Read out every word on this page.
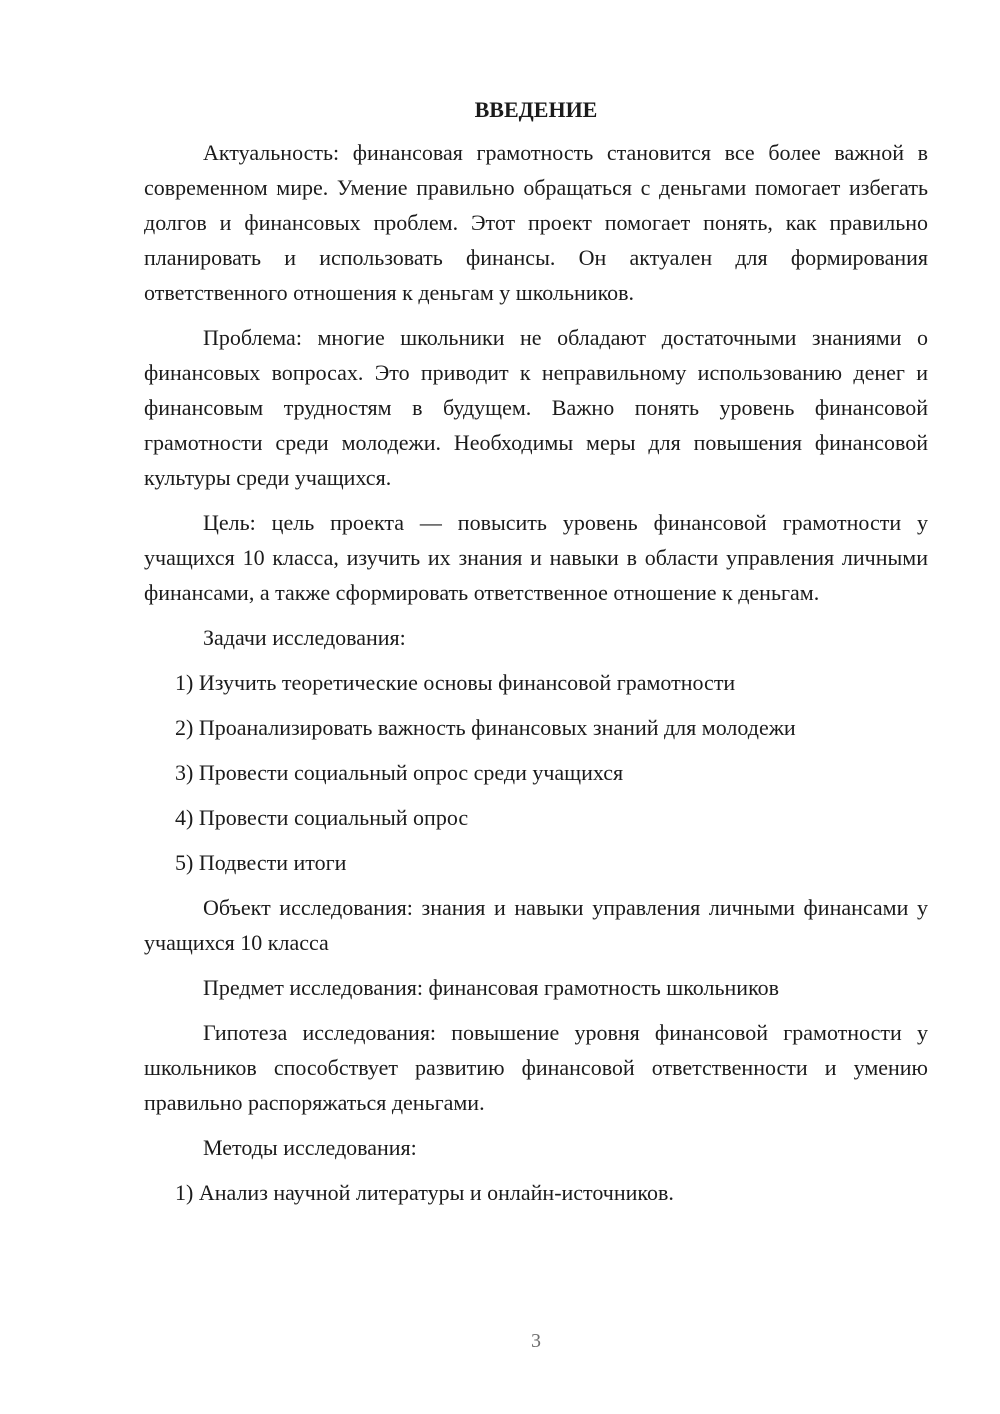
ВВЕДЕНИЕ

Актуальность: финансовая грамотность становится все более важной в современном мире. Умение правильно обращаться с деньгами помогает избегать долгов и финансовых проблем. Этот проект помогает понять, как правильно планировать и использовать финансы. Он актуален для формирования ответственного отношения к деньгам у школьников.

Проблема: многие школьники не обладают достаточными знаниями о финансовых вопросах. Это приводит к неправильному использованию денег и финансовым трудностям в будущем. Важно понять уровень финансовой грамотности среди молодежи. Необходимы меры для повышения финансовой культуры среди учащихся.

Цель: цель проекта — повысить уровень финансовой грамотности у учащихся 10 класса, изучить их знания и навыки в области управления личными финансами, а также сформировать ответственное отношение к деньгам.

Задачи исследования:

1) Изучить теоретические основы финансовой грамотности

2) Проанализировать важность финансовых знаний для молодежи

3) Провести социальный опрос среди учащихся

4) Провести социальный опрос

5) Подвести итоги

Объект исследования: знания и навыки управления личными финансами у учащихся 10 класса

Предмет исследования: финансовая грамотность школьников

Гипотеза исследования: повышение уровня финансовой грамотности у школьников способствует развитию финансовой ответственности и умению правильно распоряжаться деньгами.

Методы исследования:

1) Анализ научной литературы и онлайн-источников.

3
